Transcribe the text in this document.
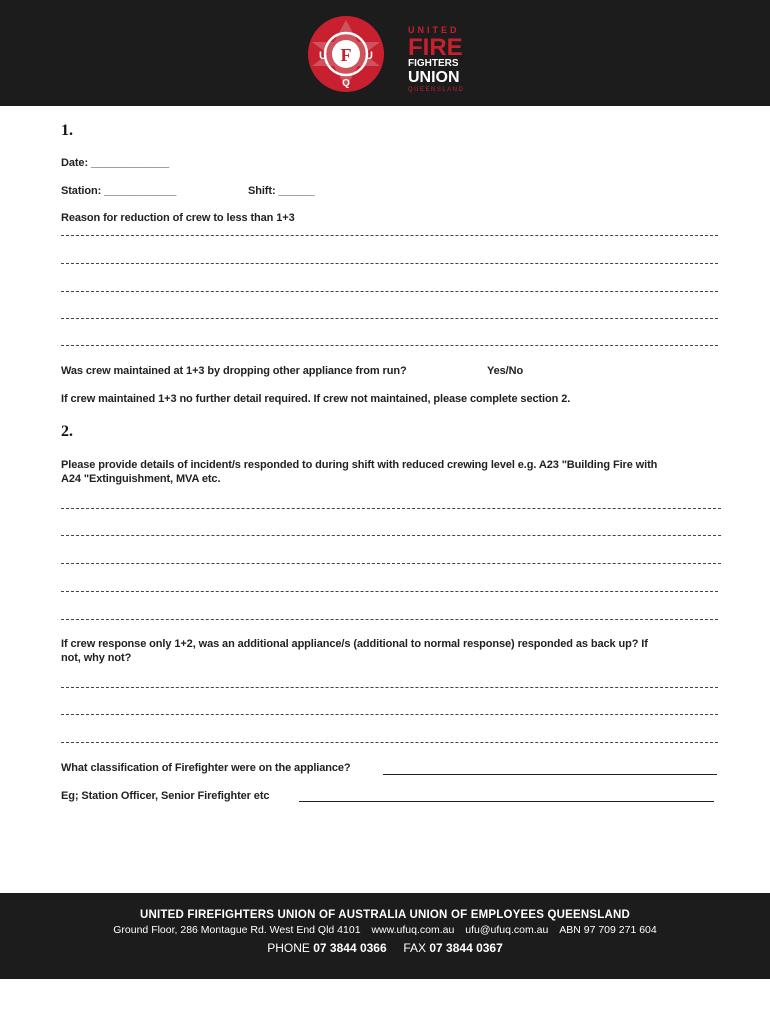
F
U	U
Q
UNITED
FIRE
FIGHTERS
UNION
QUEENSLAND
1.
Date: _____________
Station: ____________	Shift: ______
Reason for reduction of crew to less than 1+3
Was crew maintained at 1+3 by dropping other appliance from run?	Yes/No
If crew maintained 1+3 no further detail required. If crew not maintained, please complete section 2.
2.
Please provide details of incident/s responded to during shift with reduced crewing level e.g. A23 "Building Fire with
A24 "Extinguishment, MVA etc.
If crew response only 1+2, was an additional appliance/s (additional to normal response) responded as back up? If
not, why not?
What classification of Firefighter were on the appliance?
Eg; Station Officer, Senior Firefighter etc
UNITED FIREFIGHTERS UNION OF AUSTRALIA UNION OF EMPLOYEES QUEENSLAND
Ground Floor, 286 Montague Rd. West End Qld 4101 www.ufuq.com.au ufu@ufuq.com.au ABN 97 709 271 604
PHONE 07 3844 0366 FAX 07 3844 0367
